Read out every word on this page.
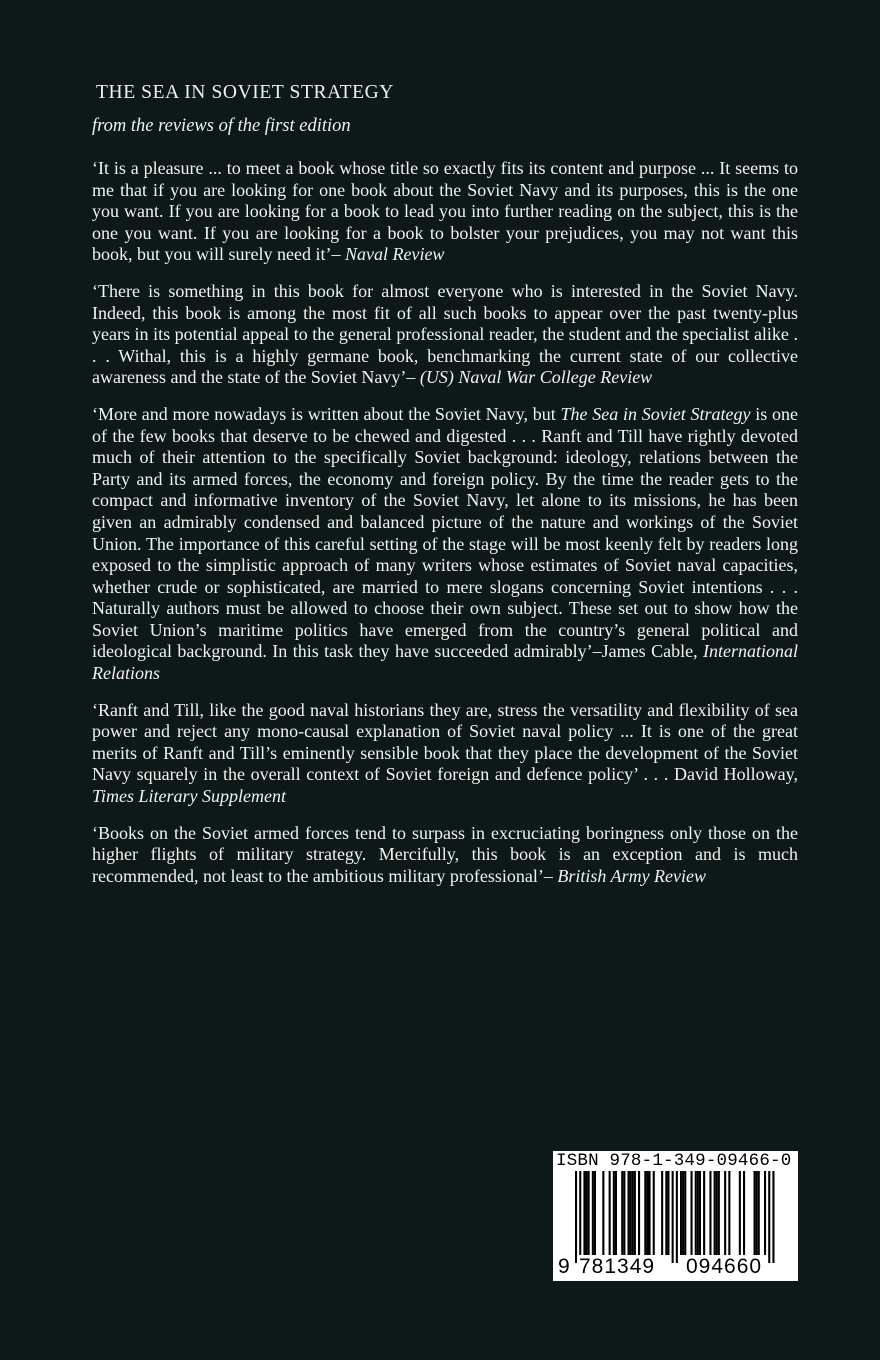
THE SEA IN SOVIET STRATEGY
from the reviews of the first edition

‘It is a pleasure ... to meet a book whose title so exactly fits its content and purpose ... It seems to me that if you are looking for one book about the Soviet Navy and its purposes, this is the one you want. If you are looking for a book to lead you into further reading on the subject, this is the one you want. If you are looking for a book to bolster your prejudices, you may not want this book, but you will surely need it’– Naval Review

‘There is something in this book for almost everyone who is interested in the Soviet Navy. Indeed, this book is among the most fit of all such books to appear over the past twenty-plus years in its potential appeal to the general professional reader, the student and the specialist alike . . . Withal, this is a highly germane book, benchmarking the current state of our collective awareness and the state of the Soviet Navy’– (US) Naval War College Review

‘More and more nowadays is written about the Soviet Navy, but The Sea in Soviet Strategy is one of the few books that deserve to be chewed and digested . . . Ranft and Till have rightly devoted much of their attention to the specifically Soviet background: ideology, relations between the Party and its armed forces, the economy and foreign policy. By the time the reader gets to the compact and informative inventory of the Soviet Navy, let alone to its missions, he has been given an admirably condensed and balanced picture of the nature and workings of the Soviet Union. The importance of this careful setting of the stage will be most keenly felt by readers long exposed to the simplistic approach of many writers whose estimates of Soviet naval capacities, whether crude or sophisticated, are married to mere slogans concerning Soviet intentions . . . Naturally authors must be allowed to choose their own subject. These set out to show how the Soviet Union’s maritime politics have emerged from the country’s general political and ideological background. In this task they have succeeded admirably’–James Cable, International Relations

‘Ranft and Till, like the good naval historians they are, stress the versatility and flexibility of sea power and reject any mono-causal explanation of Soviet naval policy ... It is one of the great merits of Ranft and Till’s eminently sensible book that they place the development of the Soviet Navy squarely in the overall context of Soviet foreign and defence policy’ . . . David Holloway, Times Literary Supplement

‘Books on the Soviet armed forces tend to surpass in excruciating boringness only those on the higher flights of military strategy. Mercifully, this book is an exception and is much recommended, not least to the ambitious military professional’– British Army Review

ISBN 978-1-349-09466-0
9 781349 094660
